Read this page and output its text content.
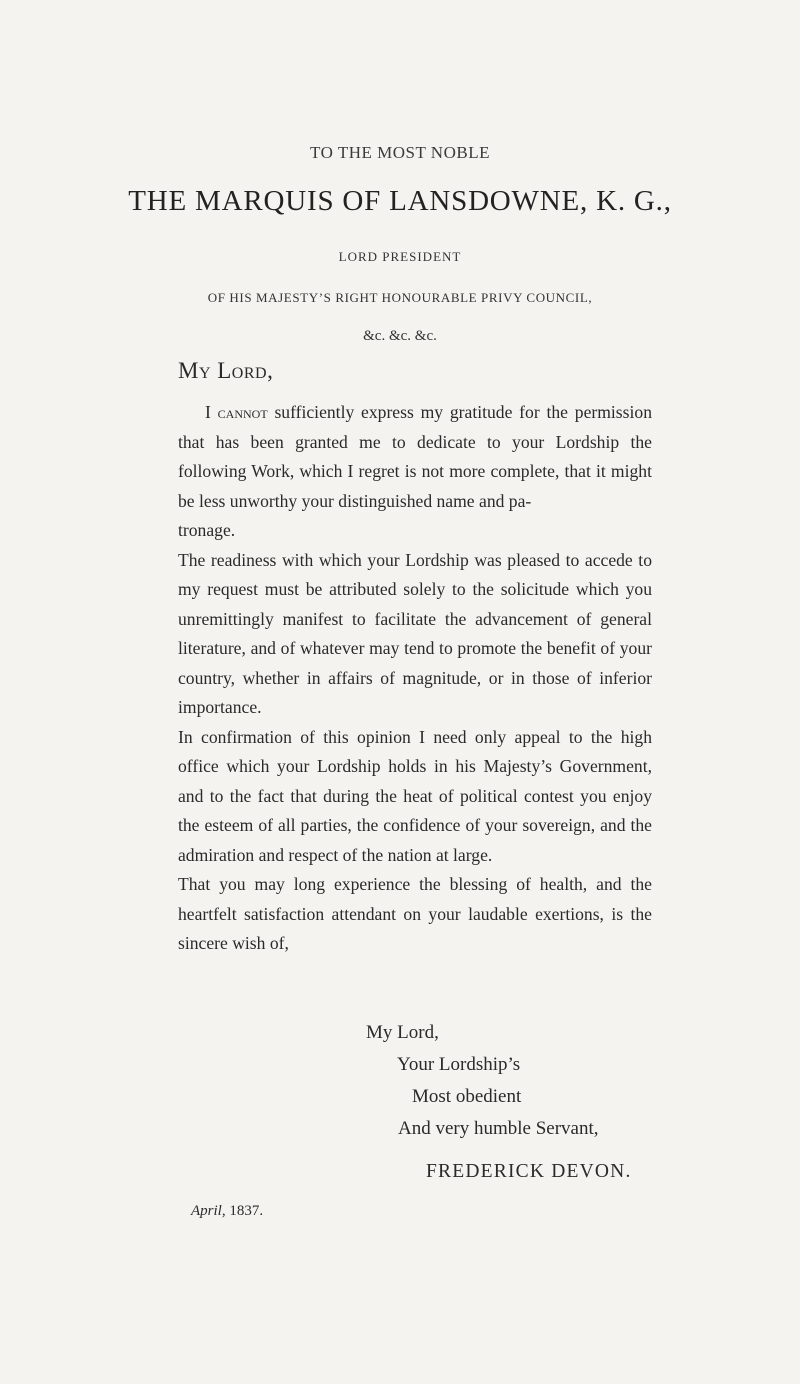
TO THE MOST NOBLE
THE MARQUIS OF LANSDOWNE, K. G.,
LORD PRESIDENT
OF HIS MAJESTY’S RIGHT HONOURABLE PRIVY COUNCIL,
&c. &c. &c.
My Lord,

I cannot sufficiently express my gratitude for the permission that has been granted me to dedicate to your Lordship the following Work, which I regret is not more complete, that it might be less unworthy your distinguished name and pa-

tronage.

The readiness with which your Lordship was pleased to accede to my request must be attributed solely to the solicitude which you unremittingly manifest to facilitate the advancement of general literature, and of whatever may tend to promote the benefit of your country, whether in affairs of magnitude, or in those of inferior importance.

In confirmation of this opinion I need only appeal to the high office which your Lordship holds in his Majesty’s Government, and to the fact that during the heat of political contest you enjoy the esteem of all parties, the confidence of your sovereign, and the admiration and respect of the nation at large.

That you may long experience the blessing of health, and the heartfelt satisfaction attendant on your laudable exertions, is the sincere wish of,

My Lord,
Your Lordship’s
Most obedient
And very humble Servant,
FREDERICK DEVON.
April, 1837.
